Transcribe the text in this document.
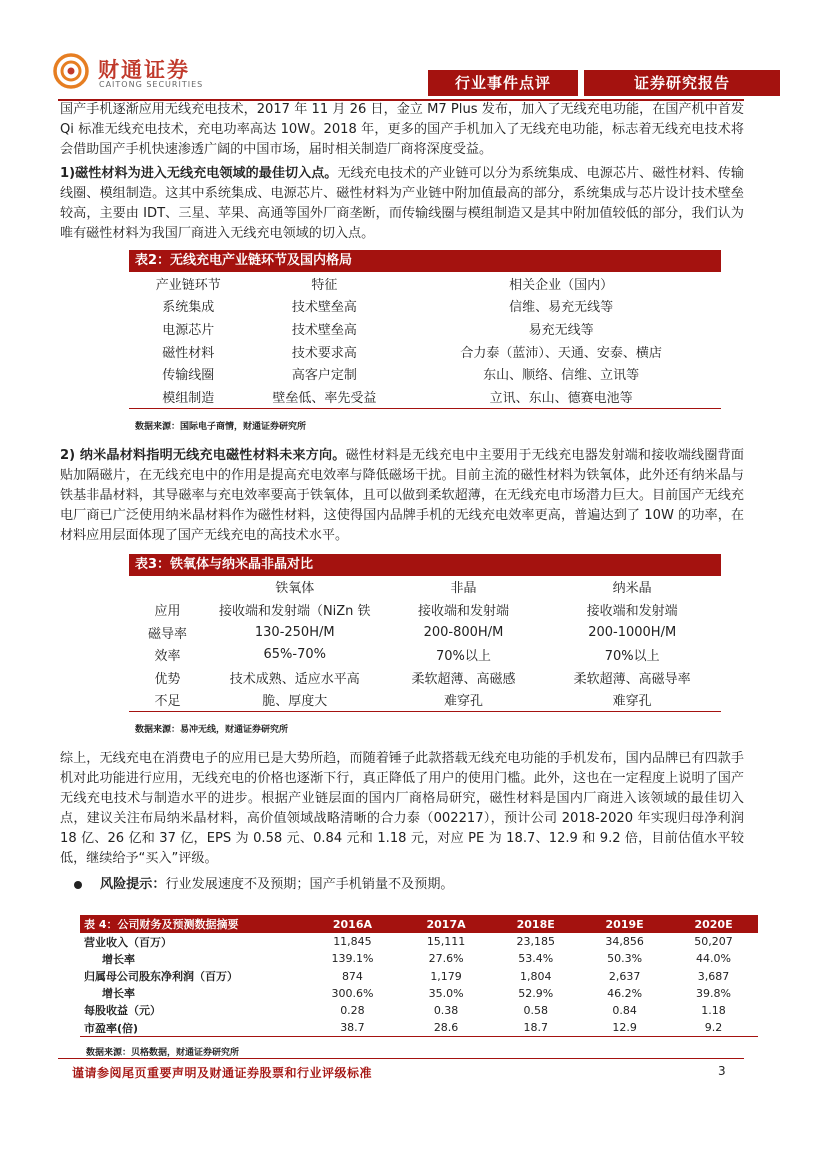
财通证券
CAITONG SECURITIES	行业事件点评	证券研究报告

国产手机逐渐应用无线充电技术，2017 年 11 月 26 日，金立 M7 Plus 发布，加入了无线充电功能，在国产机中首发 Qi 标准无线充电技术，充电功率高达 10W。2018 年，更多的国产手机加入了无线充电功能，标志着无线充电技术将会借助国产手机快速渗透广阔的中国市场，届时相关制造厂商将深度受益。

1)磁性材料为进入无线充电领域的最佳切入点。无线充电技术的产业链可以分为系统集成、电源芯片、磁性材料、传输线圈、模组制造。这其中系统集成、电源芯片、磁性材料为产业链中附加值最高的部分，系统集成与芯片设计技术壁垒较高，主要由 IDT、三星、苹果、高通等国外厂商垄断，而传输线圈与模组制造又是其中附加值较低的部分，我们认为唯有磁性材料为我国厂商进入无线充电领域的切入点。

表2：无线充电产业链环节及国内格局
产业链环节	特征	相关企业（国内）
系统集成	技术壁垒高	信维、易充无线等
电源芯片	技术壁垒高	易充无线等
磁性材料	技术要求高	合力泰（蓝沛）、天通、安泰、横店
传输线圈	高客户定制	东山、顺络、信维、立讯等
模组制造	壁垒低、率先受益	立讯、东山、德赛电池等
数据来源：国际电子商情，财通证券研究所

2) 纳米晶材料指明无线充电磁性材料未来方向。磁性材料是无线充电中主要用于无线充电器发射端和接收端线圈背面贴加隔磁片，在无线充电中的作用是提高充电效率与降低磁场干扰。目前主流的磁性材料为铁氧体，此外还有纳米晶与铁基非晶材料，其导磁率与充电效率要高于铁氧体，且可以做到柔软超薄，在无线充电市场潜力巨大。目前国产无线充电厂商已广泛使用纳米晶材料作为磁性材料，这使得国内品牌手机的无线充电效率更高，普遍达到了 10W 的功率，在材料应用层面体现了国产无线充电的高技术水平。

表3：铁氧体与纳米晶非晶对比
	铁氧体	非晶	纳米晶
应用	接收端和发射端（NiZn 铁	接收端和发射端	接收端和发射端
磁导率	130-250H/M	200-800H/M	200-1000H/M
效率	65%-70%	70%以上	70%以上
优势	技术成熟、适应水平高	柔软超薄、高磁感	柔软超薄、高磁导率
不足	脆、厚度大	难穿孔	难穿孔
数据来源：易冲无线，财通证券研究所

综上，无线充电在消费电子的应用已是大势所趋，而随着锤子此款搭载无线充电功能的手机发布，国内品牌已有四款手机对此功能进行应用，无线充电的价格也逐渐下行，真正降低了用户的使用门槛。此外，这也在一定程度上说明了国产无线充电技术与制造水平的进步。根据产业链层面的国内厂商格局研究，磁性材料是国内厂商进入该领域的最佳切入点，建议关注布局纳米晶材料，高价值领域战略清晰的合力泰（002217），预计公司 2018-2020 年实现归母净利润 18 亿、26 亿和 37 亿，EPS 为 0.58 元、0.84 元和 1.18 元，对应 PE 为 18.7、12.9 和 9.2 倍，目前估值水平较低，继续给予“买入”评级。

风险提示：行业发展速度不及预期；国产手机销量不及预期。
表 4：公司财务及预测数据摘要	2016A	2017A	2018E	2019E	2020E
营业收入（百万）	11,845	15,111	23,185	34,856	50,207
增长率	139.1%	27.6%	53.4%	50.3%	44.0%
归属母公司股东净利润（百万）	874	1,179	1,804	2,637	3,687
增长率	300.6%	35.0%	52.9%	46.2%	39.8%
每股收益（元）	0.28	0.38	0.58	0.84	1.18
市盈率(倍)	38.7	28.6	18.7	12.9	9.2
数据来源：贝格数据，财通证券研究所
谨请参阅尾页重要声明及财通证券股票和行业评级标准	3
